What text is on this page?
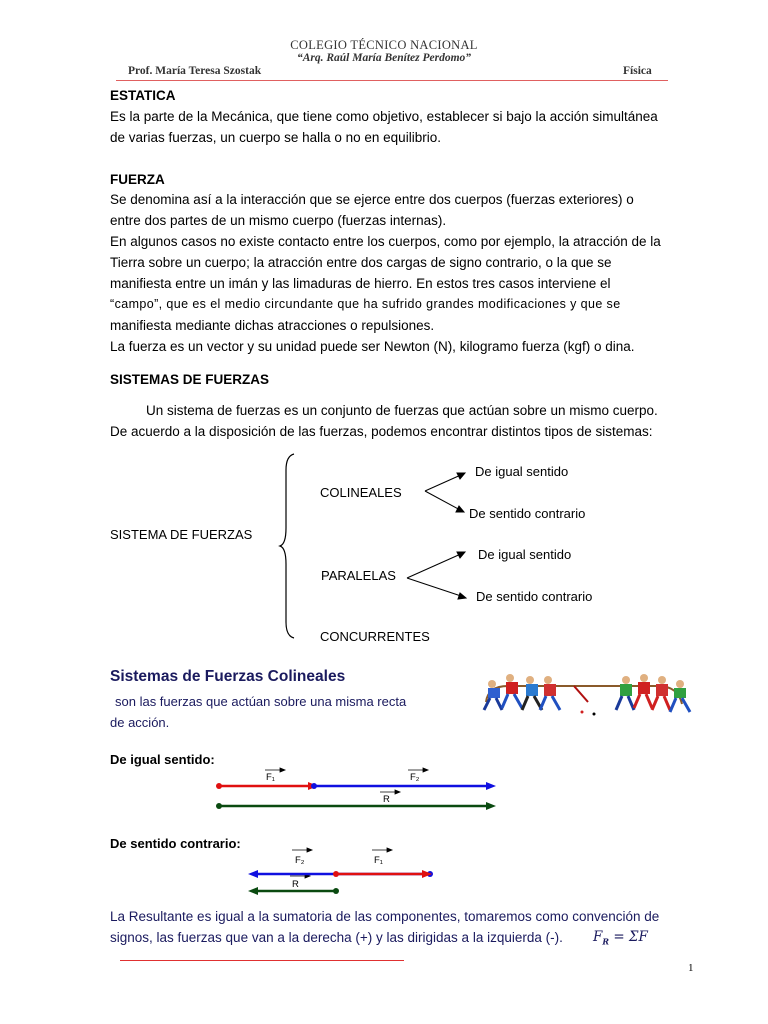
COLEGIO TÉCNICO NACIONAL
“Arq. Raúl María Benítez Perdomo”
Prof. María Teresa Szostak	Física
ESTATICA
Es la parte de la Mecánica, que tiene como objetivo, establecer si bajo la acción simultánea
de varias fuerzas, un cuerpo se halla o no en equilibrio.
FUERZA
Se denomina así a la interacción que se ejerce entre dos cuerpos (fuerzas exteriores) o
entre dos partes de un mismo cuerpo (fuerzas internas).
En algunos casos no existe contacto entre los cuerpos, como por ejemplo, la atracción de la
Tierra sobre un cuerpo; la atracción entre dos cargas de signo contrario, o la que se
manifiesta entre un imán y las limaduras de hierro. En estos tres casos interviene el
“campo”, que es el medio circundante que ha sufrido grandes modificaciones y que se
manifiesta mediante dichas atracciones o repulsiones.
La fuerza es un vector y su unidad puede ser Newton (N), kilogramo fuerza (kgf) o dina.
SISTEMAS DE FUERZAS
Un sistema de fuerzas es un conjunto de fuerzas que actúan sobre un mismo cuerpo.
De acuerdo a la disposición de las fuerzas, podemos encontrar distintos tipos de sistemas:
SISTEMA DE FUERZAS
COLINEALES
De igual sentido
De sentido contrario
PARALELAS
De igual sentido
De sentido contrario
CONCURRENTES
Sistemas de Fuerzas Colineales
son las fuerzas que actúan sobre una misma recta
de acción.
De igual sentido:
F₁	F₂
R
De sentido contrario:
F₂	F₁
R
La Resultante es igual a la sumatoria de las componentes, tomaremos como convención de
signos, las fuerzas que van a la derecha (+) y las dirigidas a la izquierda (-). $F_R = \Sigma F$
1
